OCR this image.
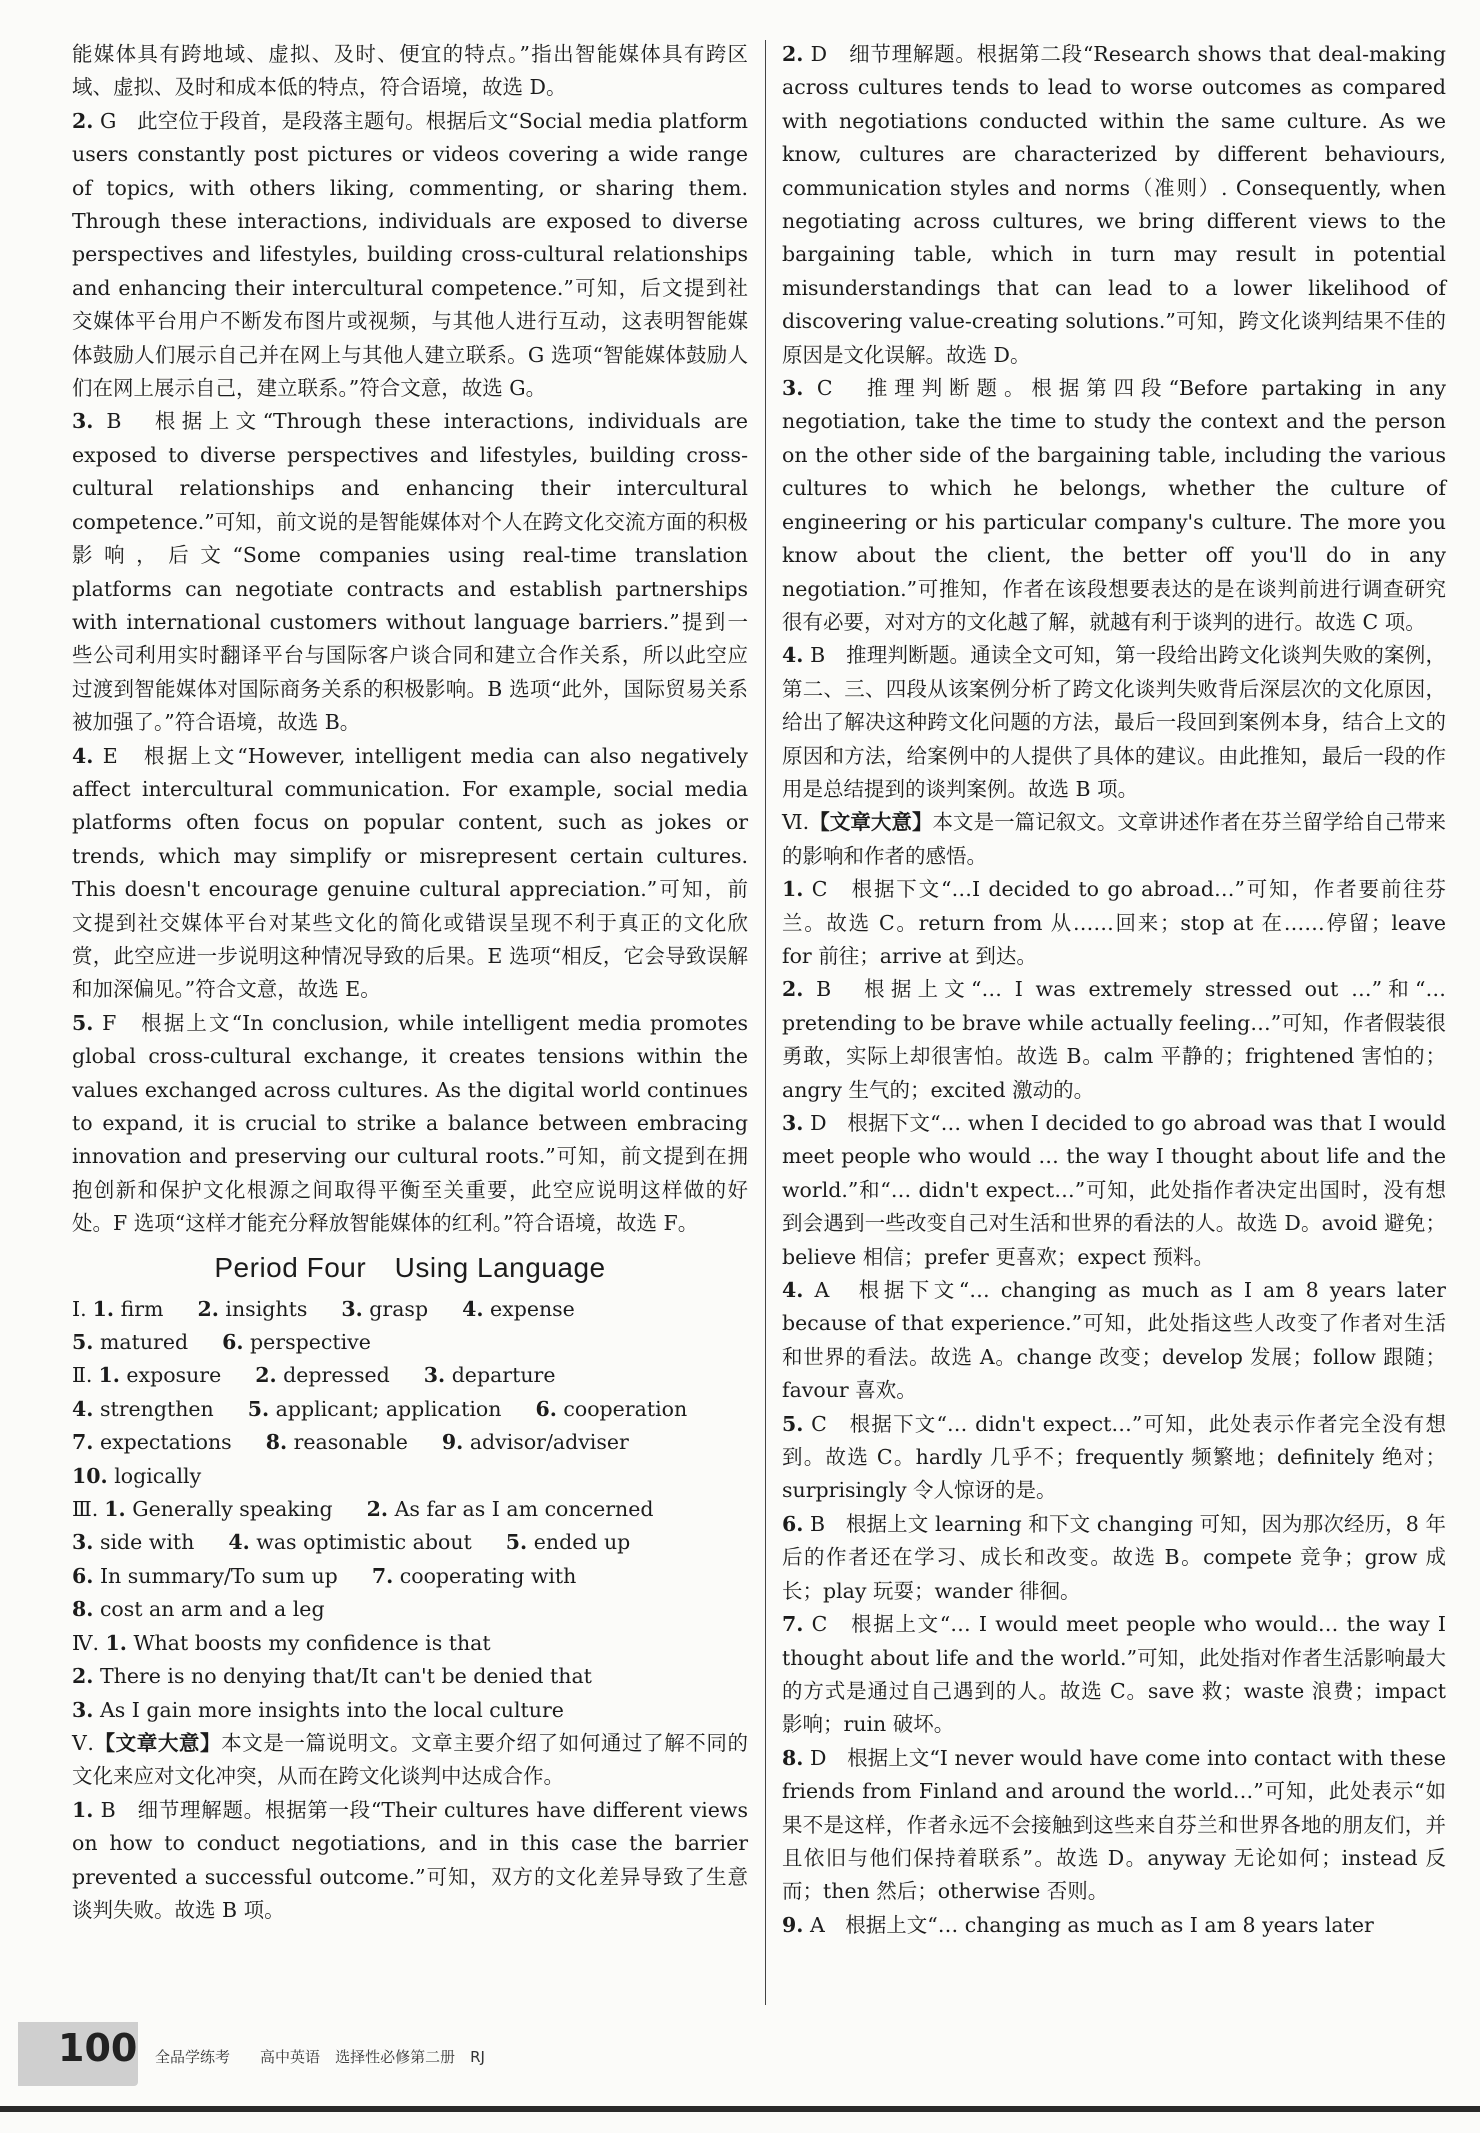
能媒体具有跨地域、虚拟、及时、便宜的特点。”指出智能媒体具有跨区域、虚拟、及时和成本低的特点，符合语境，故选 D。

2. G　此空位于段首，是段落主题句。根据后文“Social media platform users constantly post pictures or videos covering a wide range of topics, with others liking, commenting, or sharing them. Through these interactions, individuals are exposed to diverse perspectives and lifestyles, building cross-cultural relationships and enhancing their intercultural competence.”可知，后文提到社交媒体平台用户不断发布图片或视频，与其他人进行互动，这表明智能媒体鼓励人们展示自己并在网上与其他人建立联系。G 选项“智能媒体鼓励人们在网上展示自己，建立联系。”符合文意，故选 G。

3. B　根据上文“Through these interactions, individuals are exposed to diverse perspectives and lifestyles, building cross-cultural relationships and enhancing their intercultural competence.”可知，前文说的是智能媒体对个人在跨文化交流方面的积极影响，后文“Some companies using real-time translation platforms can negotiate contracts and establish partnerships with international customers without language barriers.”提到一些公司利用实时翻译平台与国际客户谈合同和建立合作关系，所以此空应过渡到智能媒体对国际商务关系的积极影响。B 选项“此外，国际贸易关系被加强了。”符合语境，故选 B。

4. E　根据上文“However, intelligent media can also negatively affect intercultural communication. For example, social media platforms often focus on popular content, such as jokes or trends, which may simplify or misrepresent certain cultures. This doesn't encourage genuine cultural appreciation.”可知，前文提到社交媒体平台对某些文化的简化或错误呈现不利于真正的文化欣赏，此空应进一步说明这种情况导致的后果。E 选项“相反，它会导致误解和加深偏见。”符合文意，故选 E。

5. F　根据上文“In conclusion, while intelligent media promotes global cross-cultural exchange, it creates tensions within the values exchanged across cultures. As the digital world continues to expand, it is crucial to strike a balance between embracing innovation and preserving our cultural roots.”可知，前文提到在拥抱创新和保护文化根源之间取得平衡至关重要，此空应说明这样做的好处。F 选项“这样才能充分释放智能媒体的红利。”符合语境，故选 F。

Period Four　Using Language
Ⅰ. 1. firm 2. insights 3. grasp 4. expense
5. matured 6. perspective
Ⅱ. 1. exposure 2. depressed 3. departure
4. strengthen 5. applicant; application 6. cooperation
7. expectations 8. reasonable 9. advisor/adviser
10. logically
Ⅲ. 1. Generally speaking 2. As far as I am concerned
3. side with 4. was optimistic about 5. ended up
6. In summary/To sum up 7. cooperating with
8. cost an arm and a leg

Ⅳ. 1. What boosts my confidence is that

2. There is no denying that/It can't be denied that

3. As I gain more insights into the local culture

Ⅴ.【文章大意】本文是一篇说明文。文章主要介绍了如何通过了解不同的文化来应对文化冲突，从而在跨文化谈判中达成合作。

1. B　细节理解题。根据第一段“Their cultures have different views on how to conduct negotiations, and in this case the barrier prevented a successful outcome.”可知，双方的文化差异导致了生意谈判失败。故选 B 项。

2. D　细节理解题。根据第二段“Research shows that deal-making across cultures tends to lead to worse outcomes as compared with negotiations conducted within the same culture. As we know, cultures are characterized by different behaviours, communication styles and norms（准则）. Consequently, when negotiating across cultures, we bring different views to the bargaining table, which in turn may result in potential misunderstandings that can lead to a lower likelihood of discovering value-creating solutions.”可知，跨文化谈判结果不佳的原因是文化误解。故选 D。

3. C　推理判断题。根据第四段“Before partaking in any negotiation, take the time to study the context and the person on the other side of the bargaining table, including the various cultures to which he belongs, whether the culture of engineering or his particular company's culture. The more you know about the client, the better off you'll do in any negotiation.”可推知，作者在该段想要表达的是在谈判前进行调查研究很有必要，对对方的文化越了解，就越有利于谈判的进行。故选 C 项。

4. B　推理判断题。通读全文可知，第一段给出跨文化谈判失败的案例，第二、三、四段从该案例分析了跨文化谈判失败背后深层次的文化原因，给出了解决这种跨文化问题的方法，最后一段回到案例本身，结合上文的原因和方法，给案例中的人提供了具体的建议。由此推知，最后一段的作用是总结提到的谈判案例。故选 B 项。

Ⅵ.【文章大意】本文是一篇记叙文。文章讲述作者在芬兰留学给自己带来的影响和作者的感悟。

1. C　根据下文“…I decided to go abroad…”可知，作者要前往芬兰。故选 C。return from 从……回来；stop at 在……停留；leave for 前往；arrive at 到达。

2. B　根据上文“… I was extremely stressed out …”和“… pretending to be brave while actually feeling…”可知，作者假装很勇敢，实际上却很害怕。故选 B。calm 平静的；frightened 害怕的；angry 生气的；excited 激动的。

3. D　根据下文“… when I decided to go abroad was that I would meet people who would … the way I thought about life and the world.”和“… didn't expect…”可知，此处指作者决定出国时，没有想到会遇到一些改变自己对生活和世界的看法的人。故选 D。avoid 避免；believe 相信；prefer 更喜欢；expect 预料。

4. A　根据下文“… changing as much as I am 8 years later because of that experience.”可知，此处指这些人改变了作者对生活和世界的看法。故选 A。change 改变；develop 发展；follow 跟随；favour 喜欢。

5. C　根据下文“… didn't expect…”可知，此处表示作者完全没有想到。故选 C。hardly 几乎不；frequently 频繁地；definitely 绝对；surprisingly 令人惊讶的是。

6. B　根据上文 learning 和下文 changing 可知，因为那次经历，8 年后的作者还在学习、成长和改变。故选 B。compete 竞争；grow 成长；play 玩耍；wander 徘徊。

7. C　根据上文“… I would meet people who would… the way I thought about life and the world.”可知，此处指对作者生活影响最大的方式是通过自己遇到的人。故选 C。save 救；waste 浪费；impact 影响；ruin 破坏。

8. D　根据上文“I never would have come into contact with these friends from Finland and around the world…”可知，此处表示“如果不是这样，作者永远不会接触到这些来自芬兰和世界各地的朋友们，并且依旧与他们保持着联系”。故选 D。anyway 无论如何；instead 反而；then 然后；otherwise 否则。

9. A　根据上文“… changing as much as I am 8 years later

100 全品学练考　　 高中英语　 选择性必修第二册　 RJ
